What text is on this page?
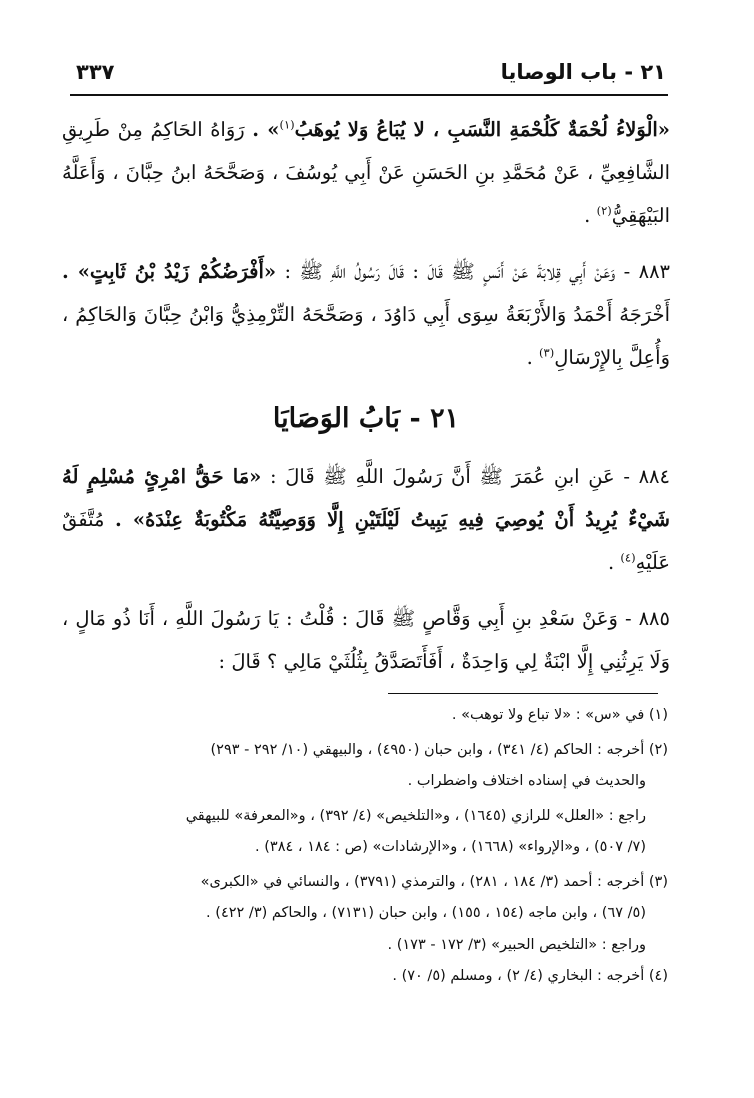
٢١ - باب الوصايا
٣٣٧

«الْوَلاءُ لُحْمَةٌ كَلُحْمَةِ النَّسَبِ ، لا يُبَاعُ وَلا يُوهَبُ$^{(١)}$» . رَوَاهُ الحَاكِمُ مِنْ طَرِيقِ الشَّافِعِيِّ ، عَنْ مُحَمَّدِ بنِ الحَسَنِ عَنْ أَبِي يُوسُفَ ، وَصَحَّحَهُ ابنُ حِبَّانَ ، وَأَعَلَّهُ البَيْهَقِيُّ$^{(٢)}$ .

٨٨٣ - وَعَنْ أَبِي قِلابَةَ عَنْ أَنَسٍ ﷺ قَالَ : قَالَ رَسُولُ اللَّهِ ﷺ : «أَفْرَضُكُمْ زَيْدُ بْنُ ثَابِتٍ» . أَخْرَجَهُ أَحْمَدُ وَالأَرْبَعَةُ سِوَى أَبِي دَاوُدَ ، وَصَحَّحَهُ التِّرْمِذِيُّ وَابْنُ حِبَّانَ وَالحَاكِمُ ، وَأُعِلَّ بِالإِرْسَالِ$^{(٣)}$ .

٢١ - بَابُ الوَصَايَا

٨٨٤ - عَنِ ابنِ عُمَرَ ﷺ أَنَّ رَسُولَ اللَّهِ ﷺ قَالَ : «مَا حَقُّ امْرِئٍ مُسْلِمٍ لَهُ شَيْءٌ يُرِيدُ أَنْ يُوصِيَ فِيهِ يَبِيتُ لَيْلَتَيْنِ إِلَّا وَوَصِيَّتُهُ مَكْتُوبَةٌ عِنْدَهُ» . مُتَّفَقٌ عَلَيْهِ$^{(٤)}$ .

٨٨٥ - وَعَنْ سَعْدِ بنِ أَبِي وَقَّاصٍ ﷺ قَالَ : قُلْتُ : يَا رَسُولَ اللَّهِ ، أَنَا ذُو مَالٍ ، وَلَا يَرِثُنِي إِلَّا ابْنَةٌ لِي وَاحِدَةٌ ، أَفَأَتَصَدَّقُ بِثُلُثَيْ مَالِي ؟ قَالَ :

(١) في «س» : «لا تباع ولا توهب» .

(٢) أخرجه : الحاكم (٤/ ٣٤١) ، وابن حبان (٤٩٥٠) ، والبيهقي (١٠/ ٢٩٢ - ٢٩٣)

والحديث في إسناده اختلاف واضطراب .

راجع : «العلل» للرازي (١٦٤٥) ، و«التلخيص» (٤/ ٣٩٢) ، و«المعرفة» للبيهقي

(٧/ ٥٠٧) ، و«الإرواء» (١٦٦٨) ، و«الإرشادات» (ص : ١٨٤ ، ٣٨٤) .

(٣) أخرجه : أحمد (٣/ ١٨٤ ، ٢٨١) ، والترمذي (٣٧٩١) ، والنسائي في «الكبرى»

(٥/ ٦٧) ، وابن ماجه (١٥٤ ، ١٥٥) ، وابن حبان (٧١٣١) ، والحاكم (٣/ ٤٢٢) .

وراجع : «التلخيص الحبير» (٣/ ١٧٢ - ١٧٣) .

(٤) أخرجه : البخاري (٤/ ٢) ، ومسلم (٥/ ٧٠) .
